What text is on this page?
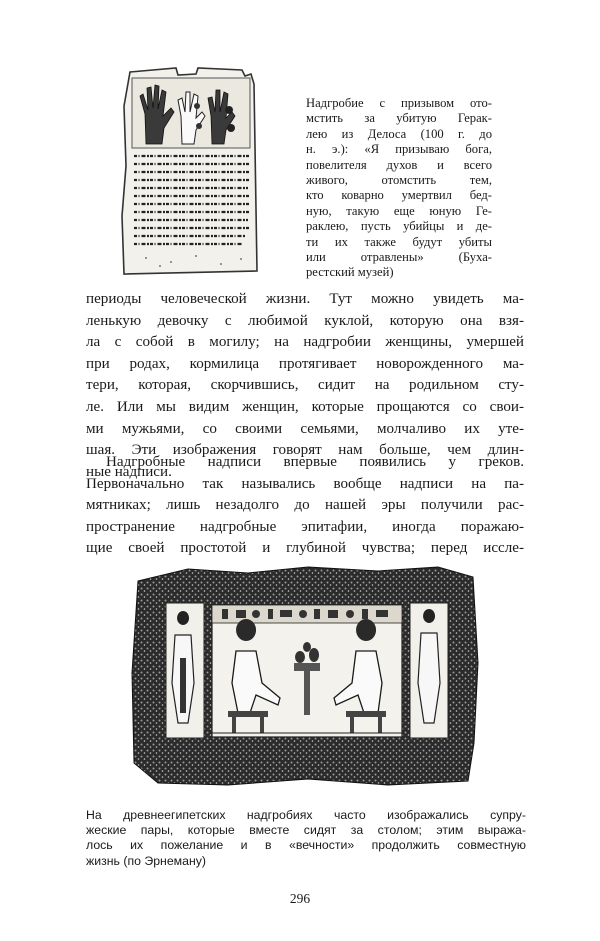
Надгробие с призывом ото-
мстить за убитую Герак-
лею из Делоса (100 г. до
н. э.): «Я призываю бога,
повелителя духов и всего
живого, отомстить тем,
кто коварно умертвил бед-
ную, такую еще юную Ге-
раклею, пусть убийцы и де-
ти их также будут убиты
или отравлены» (Буха-
рестский музей)
периоды человеческой жизни. Тут можно увидеть ма-
ленькую девочку с любимой куклой, которую она взя-
ла с собой в могилу; на надгробии женщины, умершей
при родах, кормилица протягивает новорожденного ма-
тери, которая, скорчившись, сидит на родильном сту-
ле. Или мы видим женщин, которые прощаются со свои-
ми мужьями, со своими семьями, молчаливо их уте-
шая. Эти изображения говорят нам больше, чем длин-
ные надписи.
Надгробные надписи впервые появились у греков.
Первоначально так назывались вообще надписи на па-
мятниках; лишь незадолго до нашей эры получили рас-
пространение надгробные эпитафии, иногда поражаю-
щие своей простотой и глубиной чувства; перед иссле-
На древнеегипетских надгробиях часто изображались супру-
жеские пары, которые вместе сидят за столом; этим выража-
лось их пожелание и в «вечности» продолжить совместную
жизнь (по Эрнеману)
296
